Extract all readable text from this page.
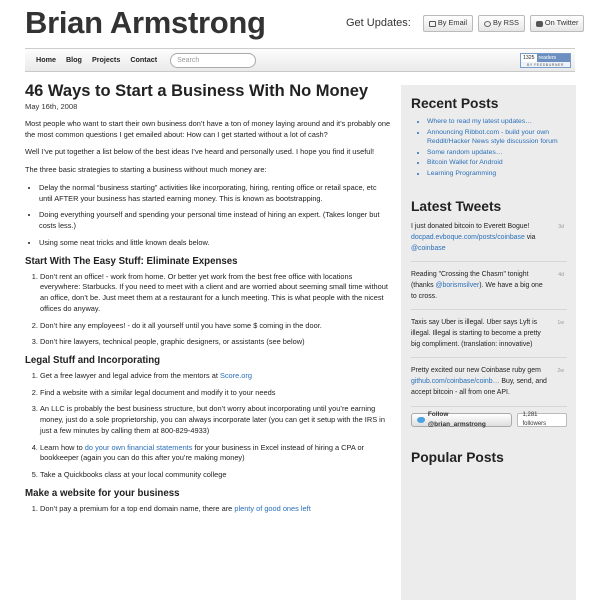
Brian Armstrong	Get Updates:	By Email	By RSS	On Twitter
Home Blog Projects Contact	Search	1325 readers
BY FEEDBURNER
46 Ways to Start a Business With No Money
May 16th, 2008

Most people who want to start their own business don’t have a ton of money laying around and it’s probably one the most common questions I get emailed about: How can I get started without a lot of cash?

Well I’ve put together a list below of the best ideas I’ve heard and personally used. I hope you find it useful!

The three basic strategies to starting a business without much money are:

• Delay the normal “business starting” activities like incorporating, hiring, renting office or retail space, etc until AFTER your business has started earning money. This is known as bootstrapping.
• Doing everything yourself and spending your personal time instead of hiring an expert. (Takes longer but costs less.)
• Using some neat tricks and little known deals below.
Start With The Easy Stuff: Eliminate Expenses
1. Don’t rent an office! - work from home. Or better yet work from the best free office with locations everywhere: Starbucks. If you need to meet with a client and are worried about seeming small time without an office, don’t be. Just meet them at a restaurant for a lunch meeting. This is what people with the nicest offices do anyway.
2. Don’t hire any employees! - do it all yourself until you have some $ coming in the door.
3. Don’t hire lawyers, technical people, graphic designers, or assistants (see below)
Legal Stuff and Incorporating
1. Get a free lawyer and legal advice from the mentors at Score.org
2. Find a website with a similar legal document and modify it to your needs
3. An LLC is probably the best business structure, but don’t worry about incorporating until you’re earning money, just do a sole proprietorship, you can always incorporate later (you can get it setup with the IRS in just a few minutes by calling them at 800-829-4933)
4. Learn how to do your own financial statements for your business in Excel instead of hiring a CPA or bookkeeper (again you can do this after you’re making money)
5. Take a Quickbooks class at your local community college
Make a website for your business
1. Don’t pay a premium for a top end domain name, there are plenty of good ones left
Recent Posts
• Where to read my latest updates…
• Announcing Ribbot.com - build your own Reddit/Hacker News style discussion forum
• Some random updates…
• Bitcoin Wallet for Android
• Learning Programming
Latest Tweets
I just donated bitcoin to Everett Bogue! docpad.evboque.com/posts/coinbase via @coinbase
3d
Reading "Crossing the Chasm" tonight (thanks @borismsilver). We have a big one to cross.
4d
Taxis say Uber is illegal. Uber says Lyft is illegal. Illegal is starting to become a pretty big compliment. (translation: innovative)
1w
Pretty excited our new Coinbase ruby gem github.com/coinbase/coinb… Buy, send, and accept bitcoin - all from one API.
2w
Follow @brian_armstrong
1,281 followers
Popular Posts
